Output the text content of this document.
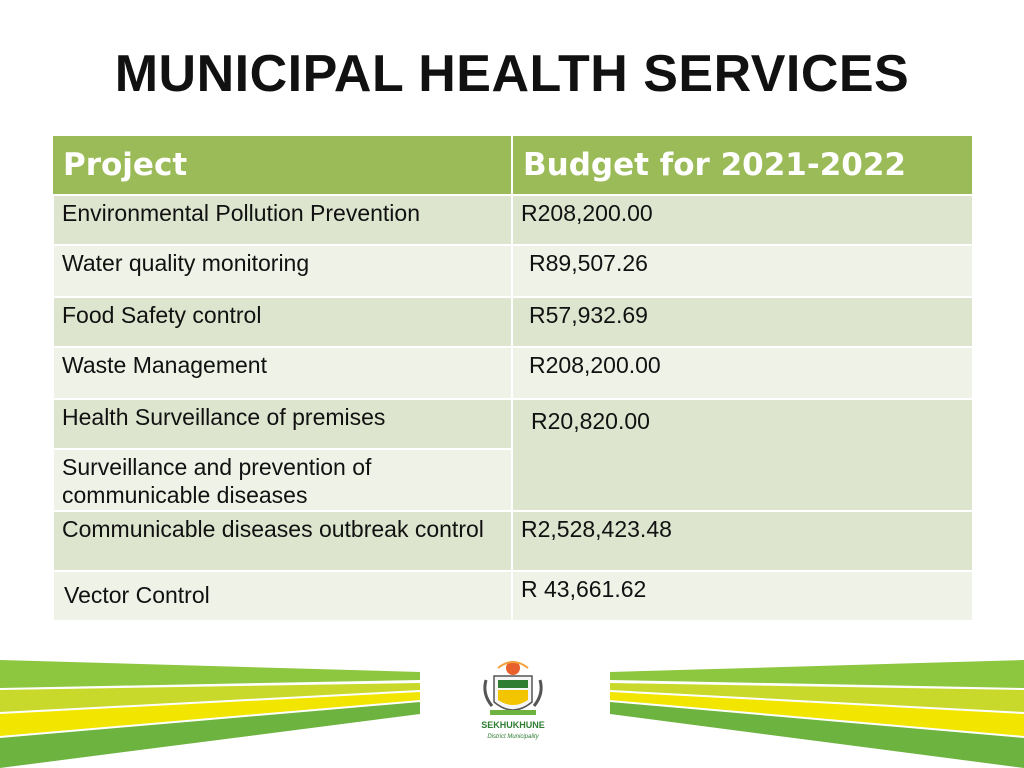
MUNICIPAL HEALTH SERVICES
Project	Budget for 2021-2022
Environmental Pollution Prevention	R208,200.00
Water quality monitoring	R89,507.26
Food Safety control	R57,932.69
Waste Management	R208,200.00
Health Surveillance of premises	R20,820.00
Surveillance and prevention of communicable diseases	
Communicable diseases outbreak control	R2,528,423.48
Vector Control	R 43,661.62
SEKHUKHUNE
District Municipality
